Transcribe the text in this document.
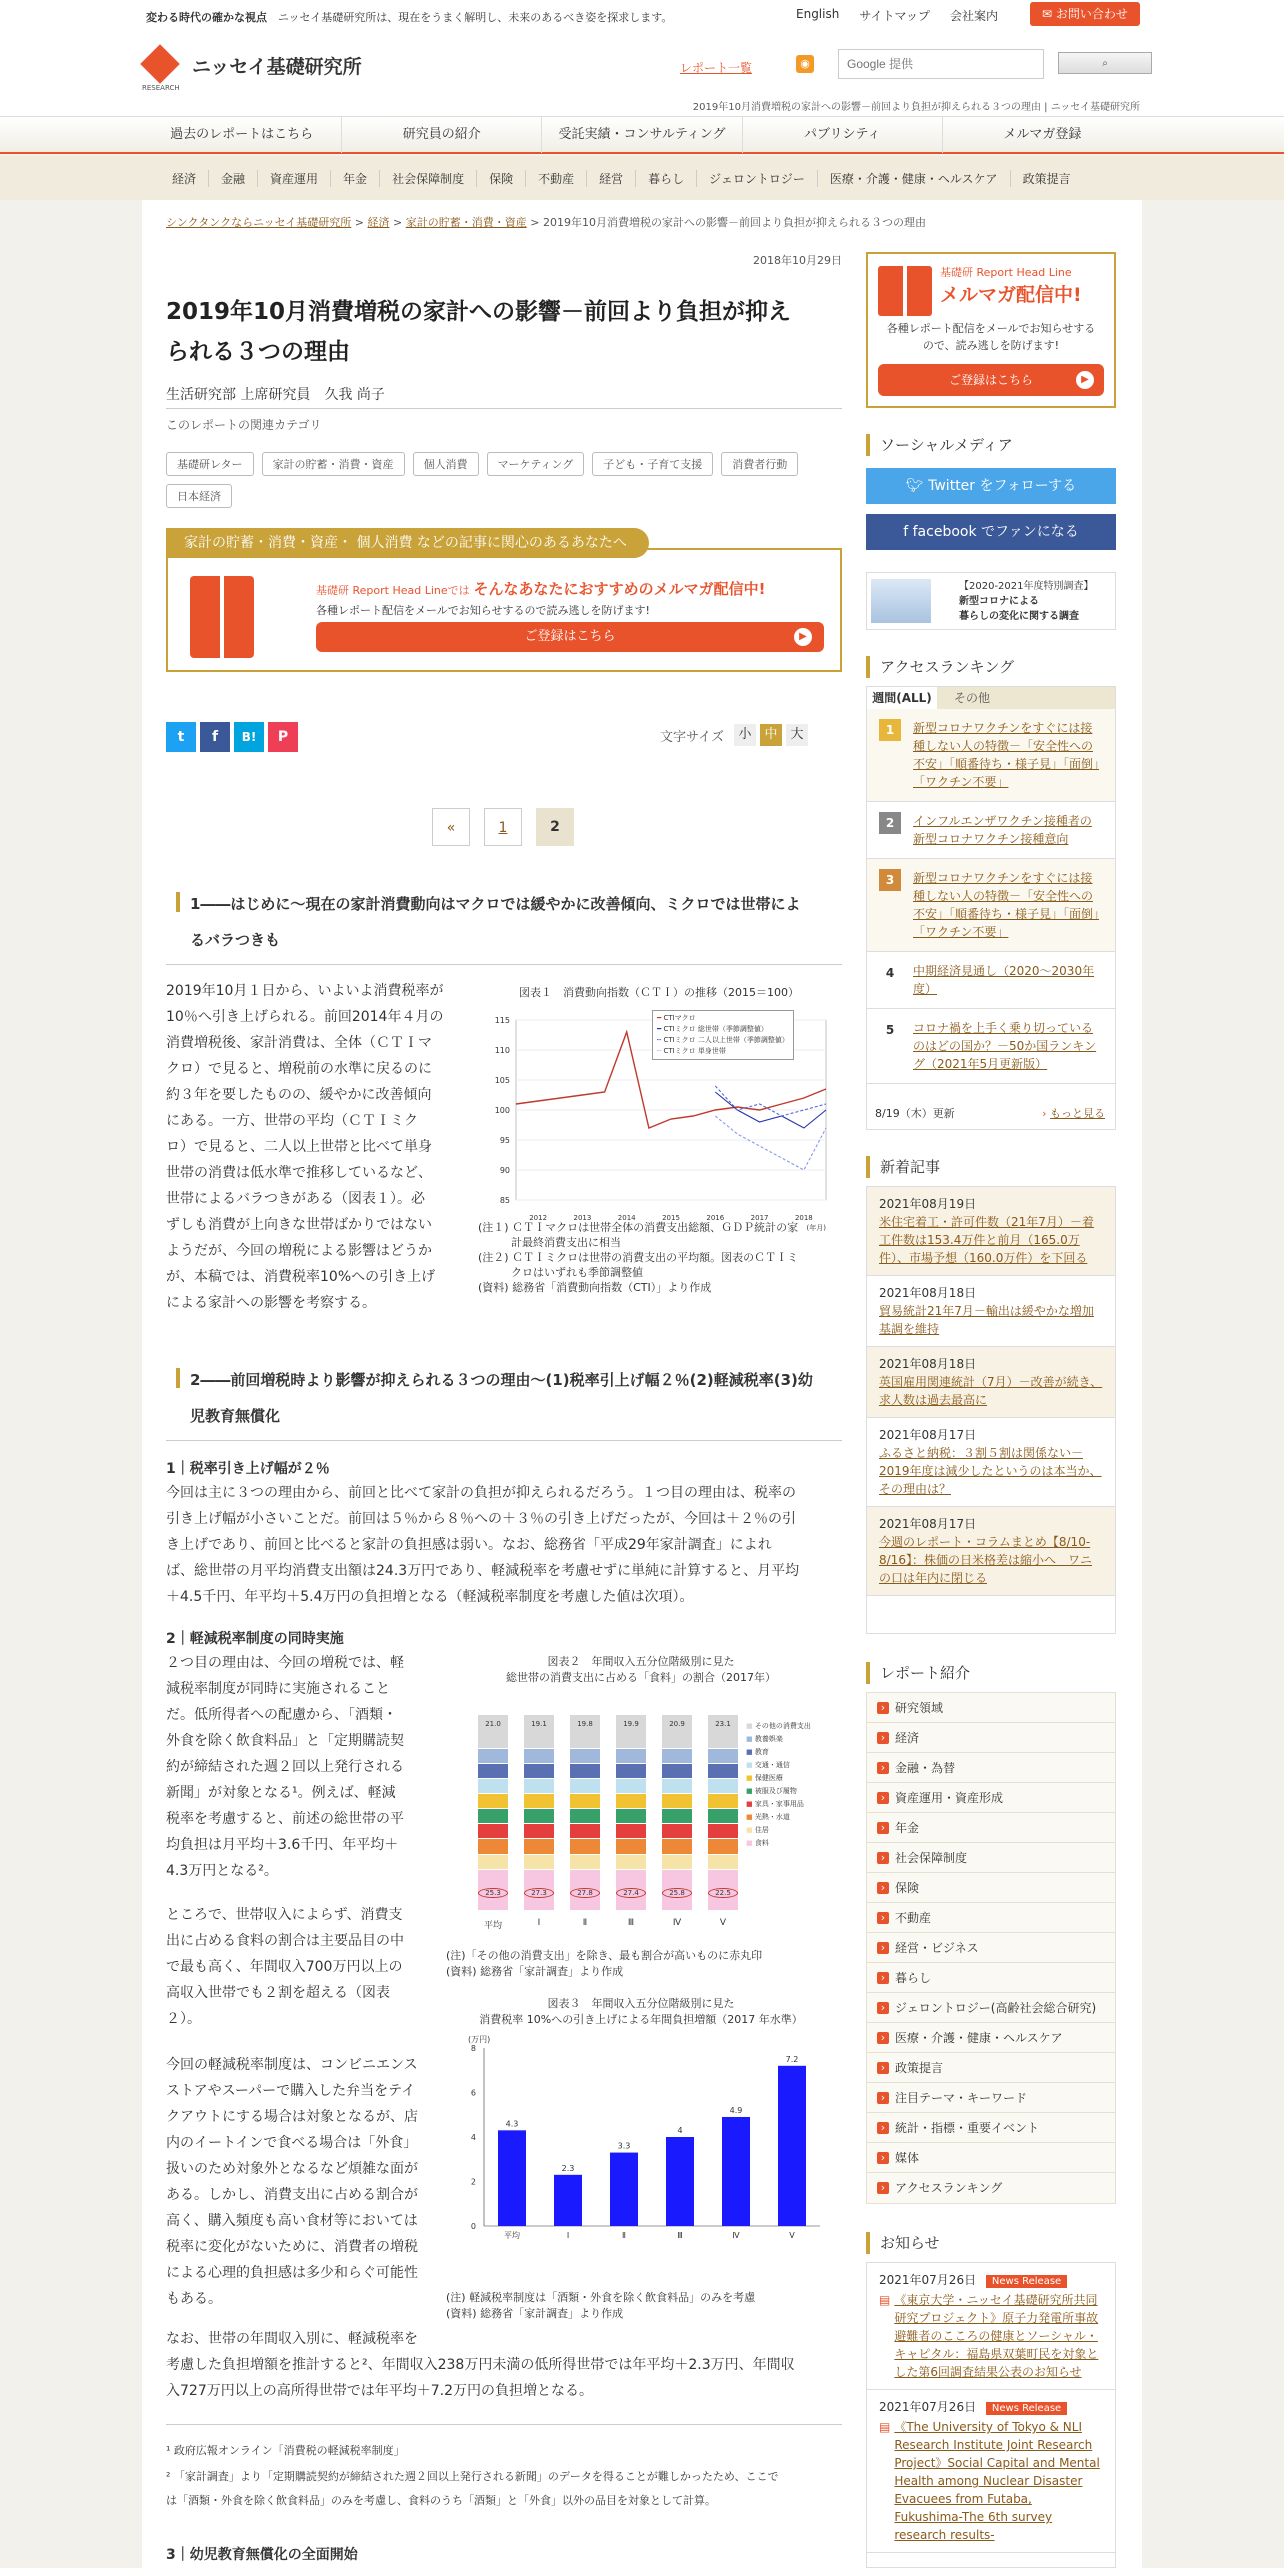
変わる時代の確かな視点　 ニッセイ基礎研究所は、現在をうまく解明し、未来のあるべき姿を探求します。	English サイトマップ 会社案内	✉ お問い合わせ
RESEARCH
ニッセイ基礎研究所	レポート一覧	◉
Google 提供	⌕
2019年10月消費増税の家計への影響－前回より負担が抑えられる３つの理由 | ニッセイ基礎研究所
過去のレポートはこちら	研究員の紹介	受託実績・コンサルティング	パブリシティ	メルマガ登録
経済	金融	資産運用	年金	社会保障制度	保険	不動産	経営	暮らし	ジェロントロジー	医療・介護・健康・ヘルスケア	政策提言
シンクタンクならニッセイ基礎研究所 > 経済 > 家計の貯蓄・消費・資産 > 2019年10月消費増税の家計への影響－前回より負担が抑えられる３つの理由
2018年10月29日
2019年10月消費増税の家計への影響－前回より負担が抑え
られる３つの理由
生活研究部 上席研究員　久我 尚子
このレポートの関連カテゴリ
基礎研レター	家計の貯蓄・消費・資産	個人消費	マーケティング	子ども・子育て支援	消費者行動日本経済
家計の貯蓄・消費・資産・ 個人消費 などの記事に関心のあるあなたへ
基礎研 Report Head Lineでは そんなあなたにおすすめのメルマガ配信中!
各種レポート配信をメールでお知らせするので読み逃しを防げます!
ご登録はこちら	▶
t	f	B!	P	文字サイズ	小 中 大
«	1	2
1――はじめに～現在の家計消費動向はマクロでは緩やかに改善傾向、ミクロでは世帯によ
るバラつきも
2019年10月１日から、いよいよ消費税率が
10％へ引き上げられる。前回2014年４月の
消費増税後、家計消費は、全体（ＣＴＩマ
クロ）で見ると、増税前の水準に戻るのに
約３年を要したものの、緩やかに改善傾向
にある。一方、世帯の平均（ＣＴＩミク
ロ）で見ると、二人以上世帯と比べて単身
世帯の消費は低水準で推移しているなど、
世帯によるバラつきがある（図表１）。必
ずしも消費が上向きな世帯ばかりではない
ようだが、今回の増税による影響はどうか
が、本稿では、消費税率10%への引き上げ
による家計への影響を考察する。
図表１　消費動向指数（ＣＴＩ）の推移（2015＝100）
85
90
95
100
105
110
115
2012	2013	2014	2015	2016	2017	2018
(年月)
━ CTIマクロ
━ CTIミクロ 総世帯（季節調整値）
┅ CTIミクロ 二人以上世帯（季節調整値）
┄ CTIミクロ 単身世帯
(注１) ＣＴＩマクロは世帯全体の消費支出総額、ＧＤＰ統計の家
　　　計最終消費支出に相当
(注２) ＣＴＩミクロは世帯の消費支出の平均額。図表のＣＴＩミ
　　　クロはいずれも季節調整値
(資料) 総務省「消費動向指数（CTI）」より作成
2――前回増税時より影響が抑えられる３つの理由～(1)税率引上げ幅２％(2)軽減税率(3)幼
児教育無償化
1｜税率引き上げ幅が２％
今回は主に３つの理由から、前回と比べて家計の負担が抑えられるだろう。１つ目の理由は、税率の
引き上げ幅が小さいことだ。前回は５％から８％への＋３％の引き上げだったが、今回は＋２％の引
き上げであり、前回と比べると家計の負担感は弱い。なお、総務省「平成29年家計調査」によれ
ば、総世帯の月平均消費支出額は24.3万円であり、軽減税率を考慮せずに単純に計算すると、月平均
＋4.5千円、年平均＋5.4万円の負担増となる（軽減税率制度を考慮した値は次項）。
2｜軽減税率制度の同時実施
２つ目の理由は、今回の増税では、軽
減税率制度が同時に実施されること
だ。低所得者への配慮から、「酒類・
外食を除く飲食料品」と「定期購読契
約が締結された週２回以上発行される
新聞」が対象となる¹。例えば、軽減
税率を考慮すると、前述の総世帯の平
均負担は月平均＋3.6千円、年平均＋
4.3万円となる²。
ところで、世帯収入によらず、消費支
出に占める食料の割合は主要品目の中
で最も高く、年間収入700万円以上の
高収入世帯でも２割を超える（図表
２）。
今回の軽減税率制度は、コンビニエンス
ストアやスーパーで購入した弁当をテイ
クアウトにする場合は対象となるが、店
内のイートインで食べる場合は「外食」
扱いのため対象外となるなど煩雑な面が
ある。しかし、消費支出に占める割合が
高く、購入頻度も高い食材等においては
税率に変化がないために、消費者の増税
による心理的負担感は多少和らぐ可能性
もある。
なお、世帯の年間収入別に、軽減税率を
考慮した負担増額を推計すると²、年間収入238万円未満の低所得世帯では年平均＋2.3万円、年間収
入727万円以上の高所得世帯では年平均＋7.2万円の負担増となる。
図表２　年間収入五分位階級別に見た
総世帯の消費支出に占める「食料」の割合（2017年）
25.3
21.0
平均
27.3
19.1
Ⅰ
27.8
19.8
Ⅱ
27.4
19.9
Ⅲ
25.8
20.9
Ⅳ
22.5
23.1
Ⅴ
■ その他の消費支出
■ 教養娯楽
■ 教育
■ 交通・通信
■ 保健医療
■ 被服及び履物
■ 家具・家事用品
■ 光熱・水道
■ 住居
■ 食料
(注)「その他の消費支出」を除き、最も割合が高いものに赤丸印
(資料) 総務省「家計調査」より作成
図表３　年間収入五分位階級別に見た
消費税率 10%への引き上げによる年間負担増額（2017 年水準）
(万円)
0
2
4
6
8
4.3
平均
2.3
Ⅰ
3.3
Ⅱ
4
Ⅲ
4.9
Ⅳ
7.2
Ⅴ
(注) 軽減税率制度は「酒類・外食を除く飲食料品」のみを考慮
(資料) 総務省「家計調査」より作成
¹ 政府広報オンライン「消費税の軽減税率制度」
² 「家計調査」より「定期購読契約が締結された週２回以上発行される新聞」のデータを得ることが難しかったため、ここで
は「酒類・外食を除く飲食料品」のみを考慮し、食料のうち「酒類」と「外食」以外の品目を対象として計算。
3｜幼児教育無償化の全面開始
基礎研 Report Head Line
メルマガ配信中!
各種レポート配信をメールでお知らせする
ので、読み逃しを防げます!
ご登録はこちら	▶
ソーシャルメディア
🐦︎ Twitter をフォローする
f facebook でファンになる
【2020-2021年度特別調査】
新型コロナによる
暮らしの変化に関する調査
アクセスランキング
週間(ALL)	その他
1	新型コロナワクチンをすぐには接種しない人の特徴－「安全性への不安」「順番待ち・様子見」「面倒」「ワクチン不要」
2	インフルエンザワクチン接種者の新型コロナワクチン接種意向
3	新型コロナワクチンをすぐには接種しない人の特徴－「安全性への不安」「順番待ち・様子見」「面倒」「ワクチン不要」
4	中期経済見通し（2020～2030年度）
5	コロナ禍を上手く乗り切っているのはどの国か？－50か国ランキング（2021年5月更新版）
8/19（木）更新	› もっと見る
新着記事
2021年08月19日
米住宅着工・許可件数（21年7月）－着工件数は153.4万件と前月（165.0万件）、市場予想（160.0万件）を下回る
2021年08月18日
貿易統計21年7月－輸出は緩やかな増加基調を維持
2021年08月18日
英国雇用関連統計（7月）－改善が続き、求人数は過去最高に
2021年08月17日
ふるさと納税：３割５割は関係ない－2019年度は減少したというのは本当か、その理由は？
2021年08月17日
今週のレポート・コラムまとめ【8/10-8/16】：株価の日米格差は縮小へ　ワニの口は年内に閉じる
レポート紹介
› 研究領域
› 経済
› 金融・為替
› 資産運用・資産形成
› 年金
› 社会保障制度
› 保険
› 不動産
› 経営・ビジネス
› 暮らし
› ジェロントロジー(高齢社会総合研究)
› 医療・介護・健康・ヘルスケア
› 政策提言
› 注目テーマ・キーワード
› 統計・指標・重要イベント
› 媒体
› アクセスランキング
お知らせ
2021年07月26日 News Release
▤ 《東京大学・ニッセイ基礎研究所共同研究プロジェクト》原子力発電所事故避難者のこころの健康とソーシャル・キャピタル：福島県双葉町民を対象とした第6回調査結果公表のお知らせ
2021年07月26日 News Release
▤ 《The University of Tokyo & NLI Research Institute Joint Research Project》Social Capital and Mental Health among Nuclear Disaster Evacuees from Futaba, Fukushima-The 6th survey research results-
